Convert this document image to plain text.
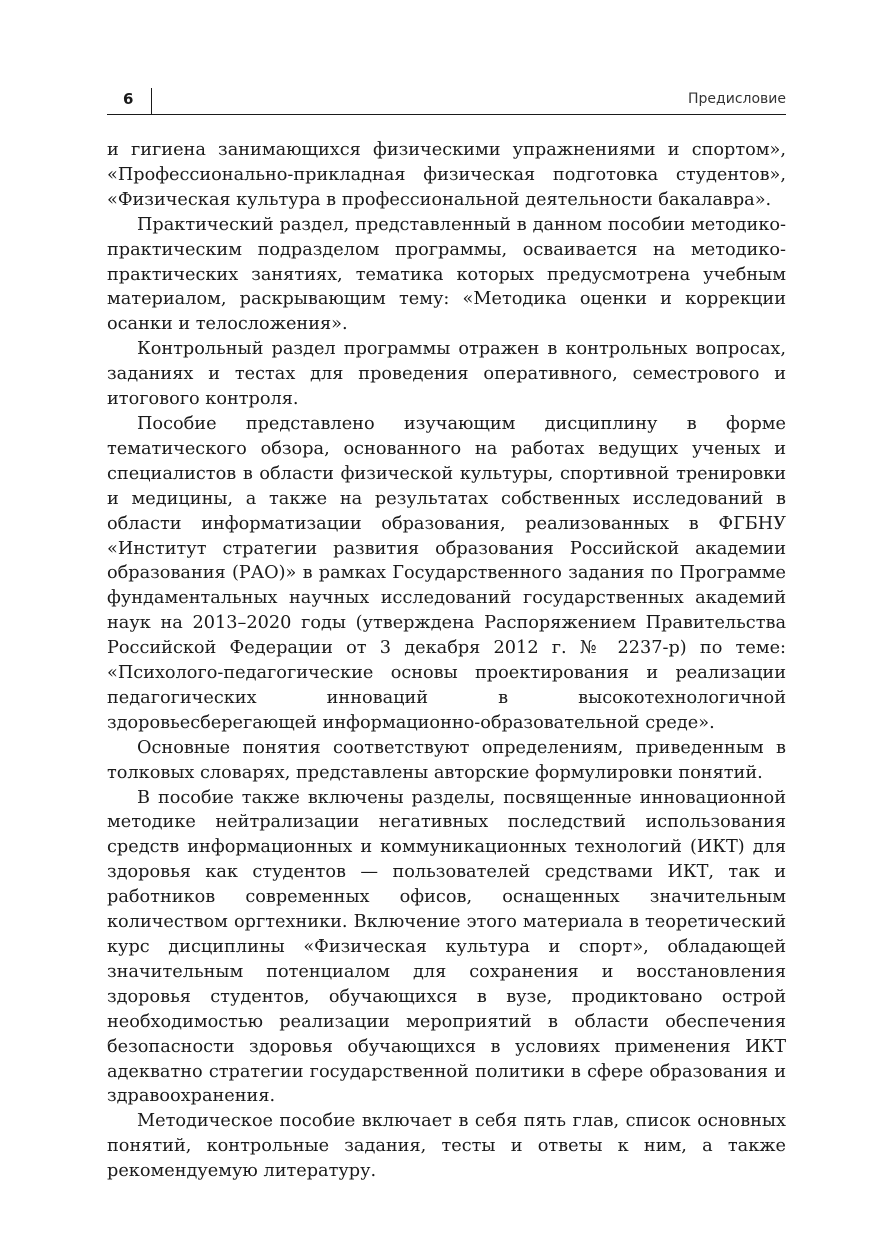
6	Предисловие

и гигиена занимающихся физическими упражнениями и спортом», «Профессионально-прикладная физическая подготовка студентов», «Физическая культура в профессиональной деятельности бакалавра».

Практический раздел, представленный в данном пособии методико-практическим подразделом программы, осваивается на методико-практических занятиях, тематика которых предусмотрена учебным материалом, раскрывающим тему: «Методика оценки и коррекции осанки и телосложения».

Контрольный раздел программы отражен в контрольных вопросах, заданиях и тестах для проведения оперативного, семестрового и итогового контроля.

Пособие представлено изучающим дисциплину в форме тематического обзора, основанного на работах ведущих ученых и специалистов в области физической культуры, спортивной тренировки и медицины, а также на результатах собственных исследований в области информатизации образования, реализованных в ФГБНУ «Институт стратегии развития образования Российской академии образования (РАО)» в рамках Государственного задания по Программе фундаментальных научных исследований государственных академий наук на 2013–2020 годы (утверждена Распоряжением Правительства Российской Федерации от 3 декабря 2012 г. № 2237-р) по теме: «Психолого-педагогические основы проектирования и реализации педагогических инноваций в высокотехнологичной здоровьесберегающей информационно-образовательной среде».

Основные понятия соответствуют определениям, приведенным в толковых словарях, представлены авторские формулировки понятий.

В пособие также включены разделы, посвященные инновационной методике нейтрализации негативных последствий использования средств информационных и коммуникационных технологий (ИКТ) для здоровья как студентов — пользователей средствами ИКТ, так и работников современных офисов, оснащенных значительным количеством оргтехники. Включение этого материала в теоретический курс дисциплины «Физическая культура и спорт», обладающей значительным потенциалом для сохранения и восстановления здоровья студентов, обучающихся в вузе, продиктовано острой необходимостью реализации мероприятий в области обеспечения безопасности здоровья обучающихся в условиях применения ИКТ адекватно стратегии государственной политики в сфере образования и здравоохранения.

Методическое пособие включает в себя пять глав, список основных понятий, контрольные задания, тесты и ответы к ним, а также рекомендуемую литературу.
